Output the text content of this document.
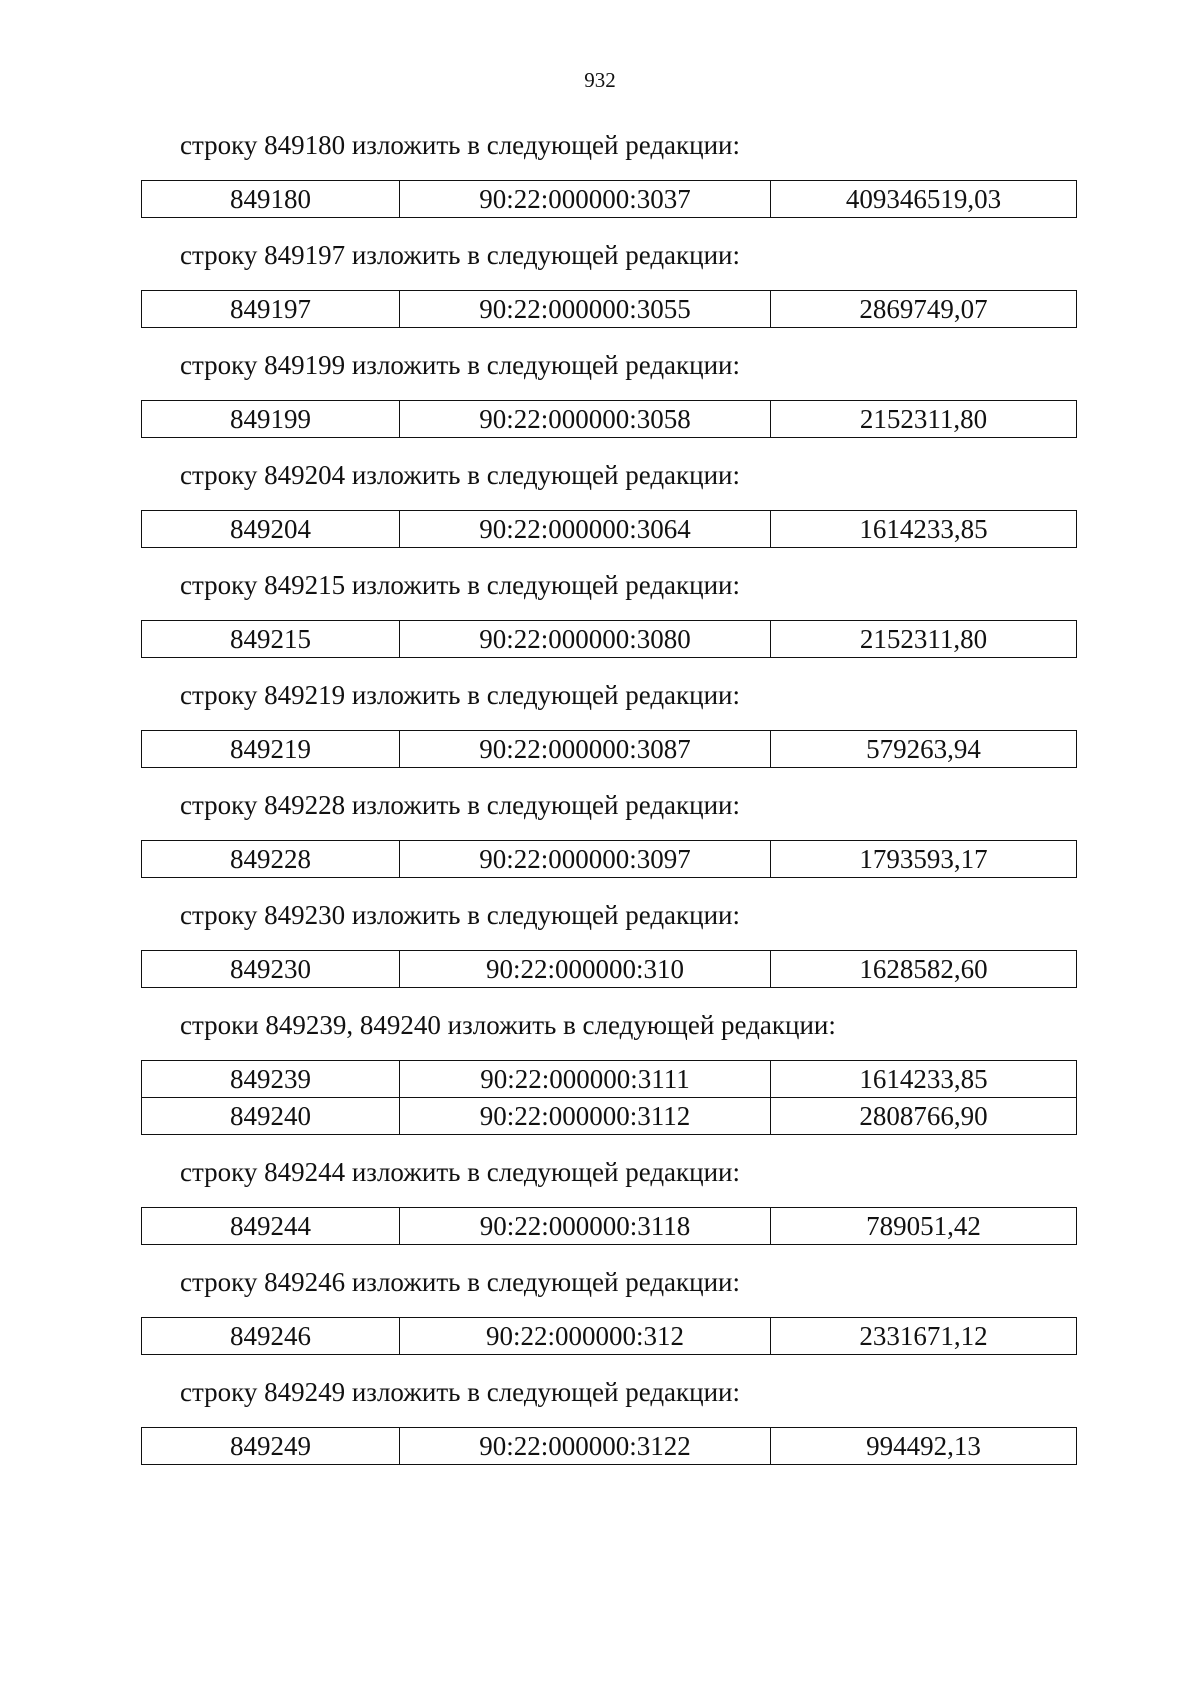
932
строку 849180 изложить в следующей редакции:
849180	90:22:000000:3037	409346519,03
строку 849197 изложить в следующей редакции:
849197	90:22:000000:3055	2869749,07
строку 849199 изложить в следующей редакции:
849199	90:22:000000:3058	2152311,80
строку 849204 изложить в следующей редакции:
849204	90:22:000000:3064	1614233,85
строку 849215 изложить в следующей редакции:
849215	90:22:000000:3080	2152311,80
строку 849219 изложить в следующей редакции:
849219	90:22:000000:3087	579263,94
строку 849228 изложить в следующей редакции:
849228	90:22:000000:3097	1793593,17
строку 849230 изложить в следующей редакции:
849230	90:22:000000:310	1628582,60
строки 849239, 849240 изложить в следующей редакции:
849239	90:22:000000:3111	1614233,85
849240	90:22:000000:3112	2808766,90
строку 849244 изложить в следующей редакции:
849244	90:22:000000:3118	789051,42
строку 849246 изложить в следующей редакции:
849246	90:22:000000:312	2331671,12
строку 849249 изложить в следующей редакции:
849249	90:22:000000:3122	994492,13
